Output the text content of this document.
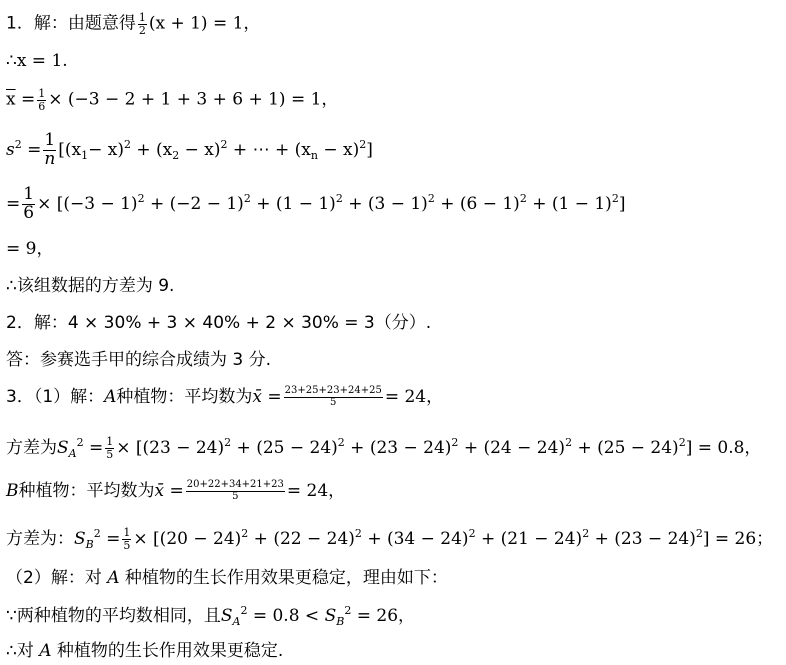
1．解：由题意得 $\frac{1}{2} (x + 1) = 1$，
∴x = 1.
$\overline{x} = \frac{1}{6} \times (-3 - 2 + 1 + 3 + 6 + 1) = 1$，
$s^2 = \frac{1}{n} [(x_1- x)^2 + (x_2 - x)^2$ + ⋯ + $(x_n - x)^2$]
= $\frac{1}{6} \times [(-3 - 1)^2 + (-2 - 1)^2 + (1 - 1)^2 + (3 - 1)^2 + (6 - 1)^2 + (1 - 1)^2]$
= 9，
∴该组数据的方差为 9.
2．解：4 × 30% + 3 × 40% + 2 × 30% = 3（分）.
答：参赛选手甲的综合成绩为 3 分.
3．（1）解：A种植物：平均数为x̄ = $\frac{23+25+23+24+25}{5} = 24$，
方差为$S_A^2 = \frac{1}{5} \times [(23 - 24)^2 + (25 - 24)^2 + (23 - 24)^2 + (24 - 24)^2 + (25 - 24)^2] = 0.8$，
B种植物：平均数为x̄ = $\frac{20+22+34+21+23}{5} = 24$，
方差为：$S_B^2 = \frac{1}{5} \times [(20 - 24)^2 + (22 - 24)^2 + (34 - 24)^2 + (21 - 24)^2 + (23 - 24)^2] = 26$；
（2）解：对 A 种植物的生长作用效果更稳定，理由如下：
∵两种植物的平均数相同，且$S_A^2 = 0.8 < S_B^2 = 26$，
∴对 A 种植物的生长作用效果更稳定.
